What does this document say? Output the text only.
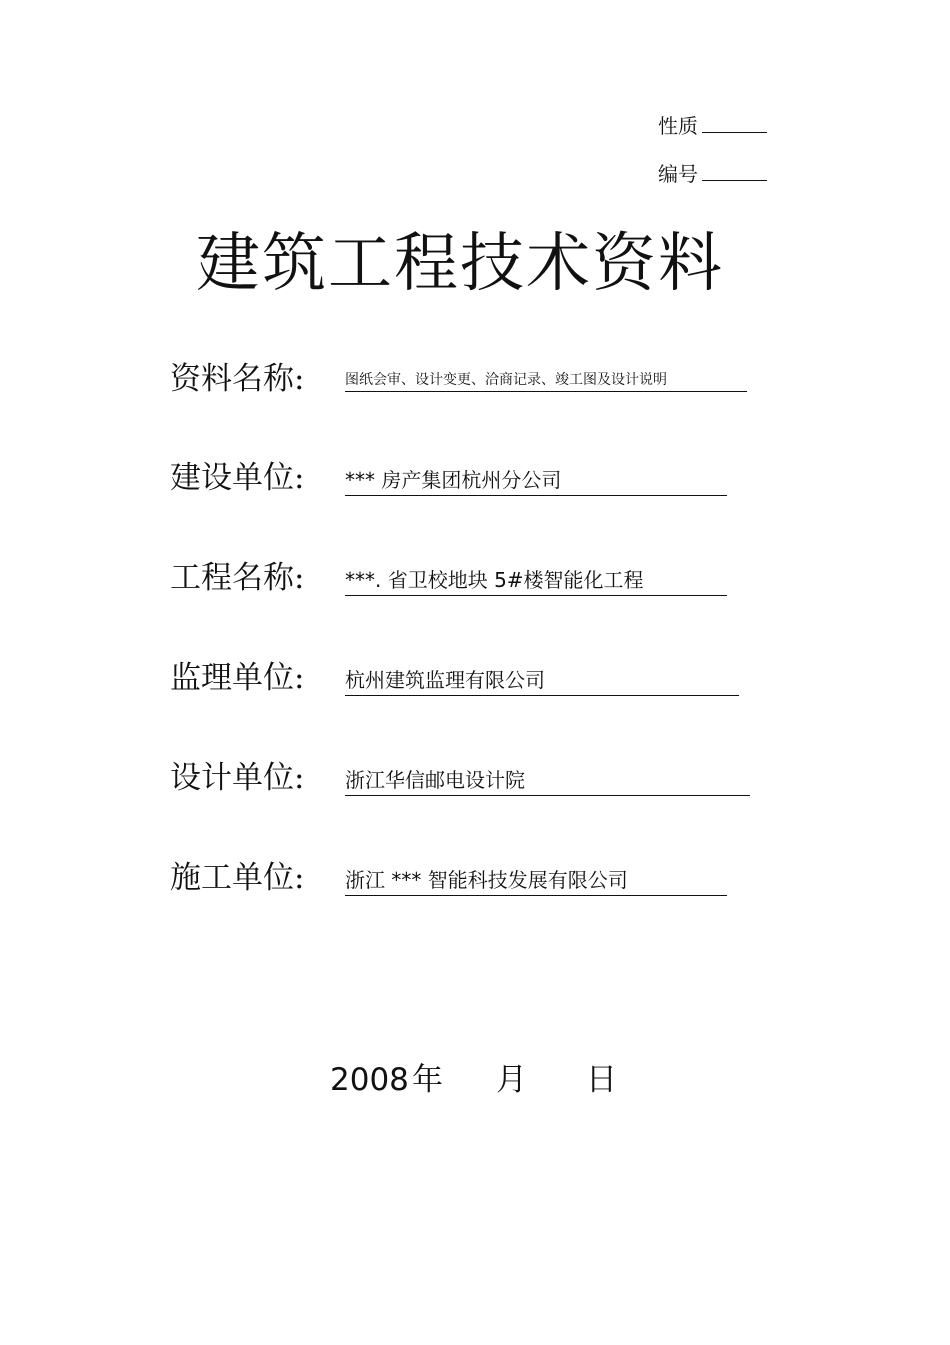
性质
编号
建筑工程技术资料
资料名称:	图纸会审、设计变更、洽商记录、竣工图及设计说明
建设单位: *** 房产集团杭州分公司
工程名称: ***. 省卫校地块 5#楼智能化工程
监理单位: 杭州建筑监理有限公司
设计单位: 浙江华信邮电设计院
施工单位: 浙江 *** 智能科技发展有限公司
2008年 月 日
